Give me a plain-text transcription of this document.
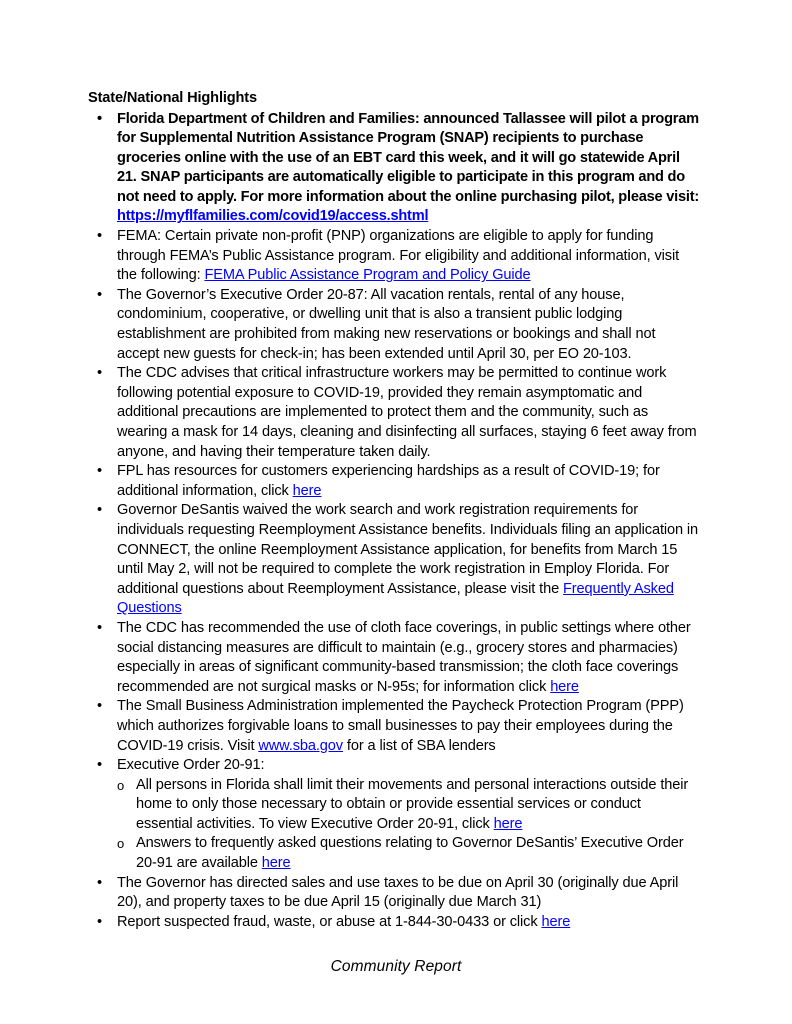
State/National Highlights
•	Florida Department of Children and Families: announced Tallassee will pilot a program for Supplemental Nutrition Assistance Program (SNAP) recipients to purchase groceries online with the use of an EBT card this week, and it will go statewide April 21. SNAP participants are automatically eligible to participate in this program and do not need to apply. For more information about the online purchasing pilot, please visit: https://myflfamilies.com/covid19/access.shtml
•	FEMA: Certain private non-profit (PNP) organizations are eligible to apply for funding through FEMA’s Public Assistance program. For eligibility and additional information, visit the following: FEMA Public Assistance Program and Policy Guide
•	The Governor’s Executive Order 20-87: All vacation rentals, rental of any house, condominium, cooperative, or dwelling unit that is also a transient public lodging establishment are prohibited from making new reservations or bookings and shall not accept new guests for check-in; has been extended until April 30, per EO 20-103.
•	The CDC advises that critical infrastructure workers may be permitted to continue work following potential exposure to COVID-19, provided they remain asymptomatic and additional precautions are implemented to protect them and the community, such as wearing a mask for 14 days, cleaning and disinfecting all surfaces, staying 6 feet away from anyone, and having their temperature taken daily.
•	FPL has resources for customers experiencing hardships as a result of COVID-19; for additional information, click here
•	Governor DeSantis waived the work search and work registration requirements for individuals requesting Reemployment Assistance benefits. Individuals filing an application in CONNECT, the online Reemployment Assistance application, for benefits from March 15 until May 2, will not be required to complete the work registration in Employ Florida. For additional questions about Reemployment Assistance, please visit the Frequently Asked Questions
•	The CDC has recommended the use of cloth face coverings, in public settings where other social distancing measures are difficult to maintain (e.g., grocery stores and pharmacies) especially in areas of significant community-based transmission; the cloth face coverings recommended are not surgical masks or N-95s; for information click here
•	The Small Business Administration implemented the Paycheck Protection Program (PPP) which authorizes forgivable loans to small businesses to pay their employees during the COVID-19 crisis. Visit www.sba.gov for a list of SBA lenders
•	Executive Order 20-91:
o All persons in Florida shall limit their movements and personal interactions outside their home to only those necessary to obtain or provide essential services or conduct essential activities. To view Executive Order 20-91, click here
o Answers to frequently asked questions relating to Governor DeSantis’ Executive Order 20-91 are available here
•	The Governor has directed sales and use taxes to be due on April 30 (originally due April 20), and property taxes to be due April 15 (originally due March 31)
•	Report suspected fraud, waste, or abuse at 1-844-30-0433 or click here
Community Report
